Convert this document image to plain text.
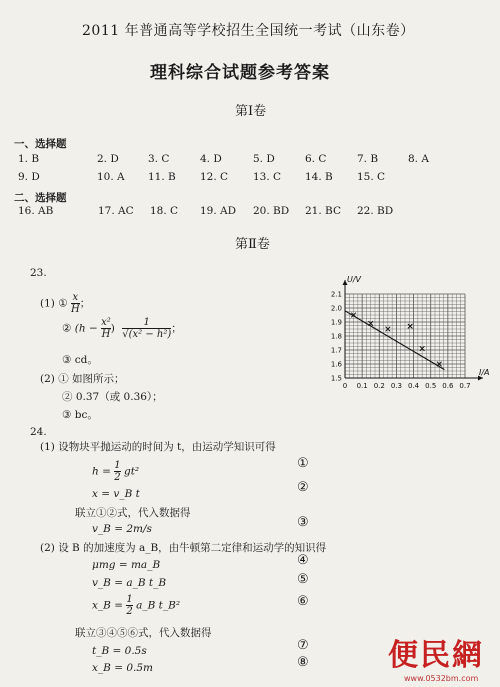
2011 年普通高等学校招生全国统一考试（山东卷）
理科综合试题参考答案
第Ⅰ卷
一、选择题
1. B	2. D	3. C	4. D	5. D	6. C	7. B	8. A
9. D	10. A 11. B 12. C 13. C 14. B 15. C
二、选择题
16. AB	17. AC 18. C 19. AD 20. BD 21. BC 22. BD
第Ⅱ卷
23.
(1) ① $\frac{x}{H}$ ；
② ($h - \frac{\text{x²}}{H}$ ) $\frac{1}{\text{√(x² − h²)}}$ ；
③ cd。
(2) ① 如图所示；
② 0.37（或 0.36）；
③ bc。
0 0.1 0.2 0.3 0.4 0.5 0.6 0.7
1.5
1.6
1.7
1.8
1.9
2.0
2.1
U/V
I/A
24.
(1) 设物块平抛运动的时间为 t，由运动学知识可得
$h = \frac{1}{2} gt^2$
x = v_B t
联立①②式，代入数据得
v_B = 2m/s
(2) 设 B 的加速度为 a_B，由牛顿第二定律和运动学的知识得
μmg = ma_B
v_B = a_B t_B
x_B = $\frac{1}{2}$ a_B t_B²
联立③④⑤⑥式，代入数据得
t_B = 0.5s
x_B = 0.5m
①
②
③
④
⑤
⑥
⑦
⑧	便民網
www.0532bm.com
